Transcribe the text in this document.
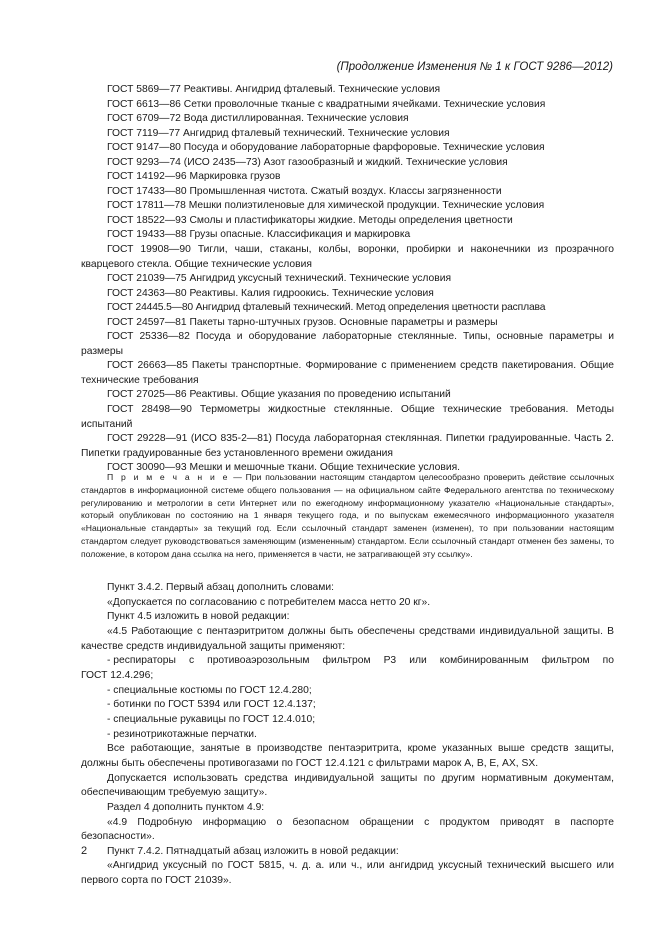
(Продолжение Изменения № 1 к ГОСТ 9286—2012)

ГОСТ 5869—77 Реактивы. Ангидрид фталевый. Технические условия

ГОСТ 6613—86 Сетки проволочные тканые с квадратными ячейками. Технические условия

ГОСТ 6709—72 Вода дистиллированная. Технические условия

ГОСТ 7119—77 Ангидрид фталевый технический. Технические условия

ГОСТ 9147—80 Посуда и оборудование лабораторные фарфоровые. Технические условия

ГОСТ 9293—74 (ИСО 2435—73) Азот газообразный и жидкий. Технические условия

ГОСТ 14192—96 Маркировка грузов

ГОСТ 17433—80 Промышленная чистота. Сжатый воздух. Классы загрязненности

ГОСТ 17811—78 Мешки полиэтиленовые для химической продукции. Технические условия

ГОСТ 18522—93 Смолы и пластификаторы жидкие. Методы определения цветности

ГОСТ 19433—88 Грузы опасные. Классификация и маркировка

ГОСТ 19908—90 Тигли, чаши, стаканы, колбы, воронки, пробирки и наконечники из прозрачного кварцевого стекла. Общие технические условия

ГОСТ 21039—75 Ангидрид уксусный технический. Технические условия

ГОСТ 24363—80 Реактивы. Калия гидроокись. Технические условия

ГОСТ 24445.5—80 Ангидрид фталевый технический. Метод определения цветности расплава

ГОСТ 24597—81 Пакеты тарно-штучных грузов. Основные параметры и размеры

ГОСТ 25336—82 Посуда и оборудование лабораторные стеклянные. Типы, основные параметры и размеры

ГОСТ 26663—85 Пакеты транспортные. Формирование с применением средств пакетирования. Общие технические требования

ГОСТ 27025—86 Реактивы. Общие указания по проведению испытаний

ГОСТ 28498—90 Термометры жидкостные стеклянные. Общие технические требования. Методы испытаний

ГОСТ 29228—91 (ИСО 835-2—81) Посуда лабораторная стеклянная. Пипетки градуированные. Часть 2. Пипетки градуированные без установленного времени ожидания

ГОСТ 30090—93 Мешки и мешочные ткани. Общие технические условия.

П р и м е ч а н и е — При пользовании настоящим стандартом целесообразно проверить действие ссылочных стандартов в информационной системе общего пользования — на официальном сайте Федерального агентства по техническому регулированию и метрологии в сети Интернет или по ежегодному информационному указателю «Национальные стандарты», который опубликован по состоянию на 1 января текущего года, и по выпускам ежемесячного информационного указателя «Национальные стандарты» за текущий год. Если ссылочный стандарт заменен (изменен), то при пользовании настоящим стандартом следует руководствоваться заменяющим (измененным) стандартом. Если ссылочный стандарт отменен без замены, то положение, в котором дана ссылка на него, применяется в части, не затрагивающей эту ссылку».

Пункт 3.4.2. Первый абзац дополнить словами:

«Допускается по согласованию с потребителем масса нетто 20 кг».

Пункт 4.5 изложить в новой редакции:

«4.5 Работающие с пентаэритритом должны быть обеспечены средствами индивидуальной защиты. В качестве средств индивидуальной защиты применяют:

- респираторы с противоаэрозольным фильтром Р3 или комбинированным фильтром по

ГОСТ 12.4.296;

- специальные костюмы по ГОСТ 12.4.280;

- ботинки по ГОСТ 5394 или ГОСТ 12.4.137;

- специальные рукавицы по ГОСТ 12.4.010;

- резинотрикотажные перчатки.

Все работающие, занятые в производстве пентаэритрита, кроме указанных выше средств защиты, должны быть обеспечены противогазами по ГОСТ 12.4.121 с фильтрами марок А, В, Е, АХ, SX.

Допускается использовать средства индивидуальной защиты по другим нормативным документам, обеспечивающим требуемую защиту».

Раздел 4 дополнить пунктом 4.9:

«4.9 Подробную информацию о безопасном обращении с продуктом приводят в паспорте безопасности».

Пункт 7.4.2. Пятнадцатый абзац изложить в новой редакции:

«Ангидрид уксусный по ГОСТ 5815, ч. д. а. или ч., или ангидрид уксусный технический высшего или первого сорта по ГОСТ 21039».

2
